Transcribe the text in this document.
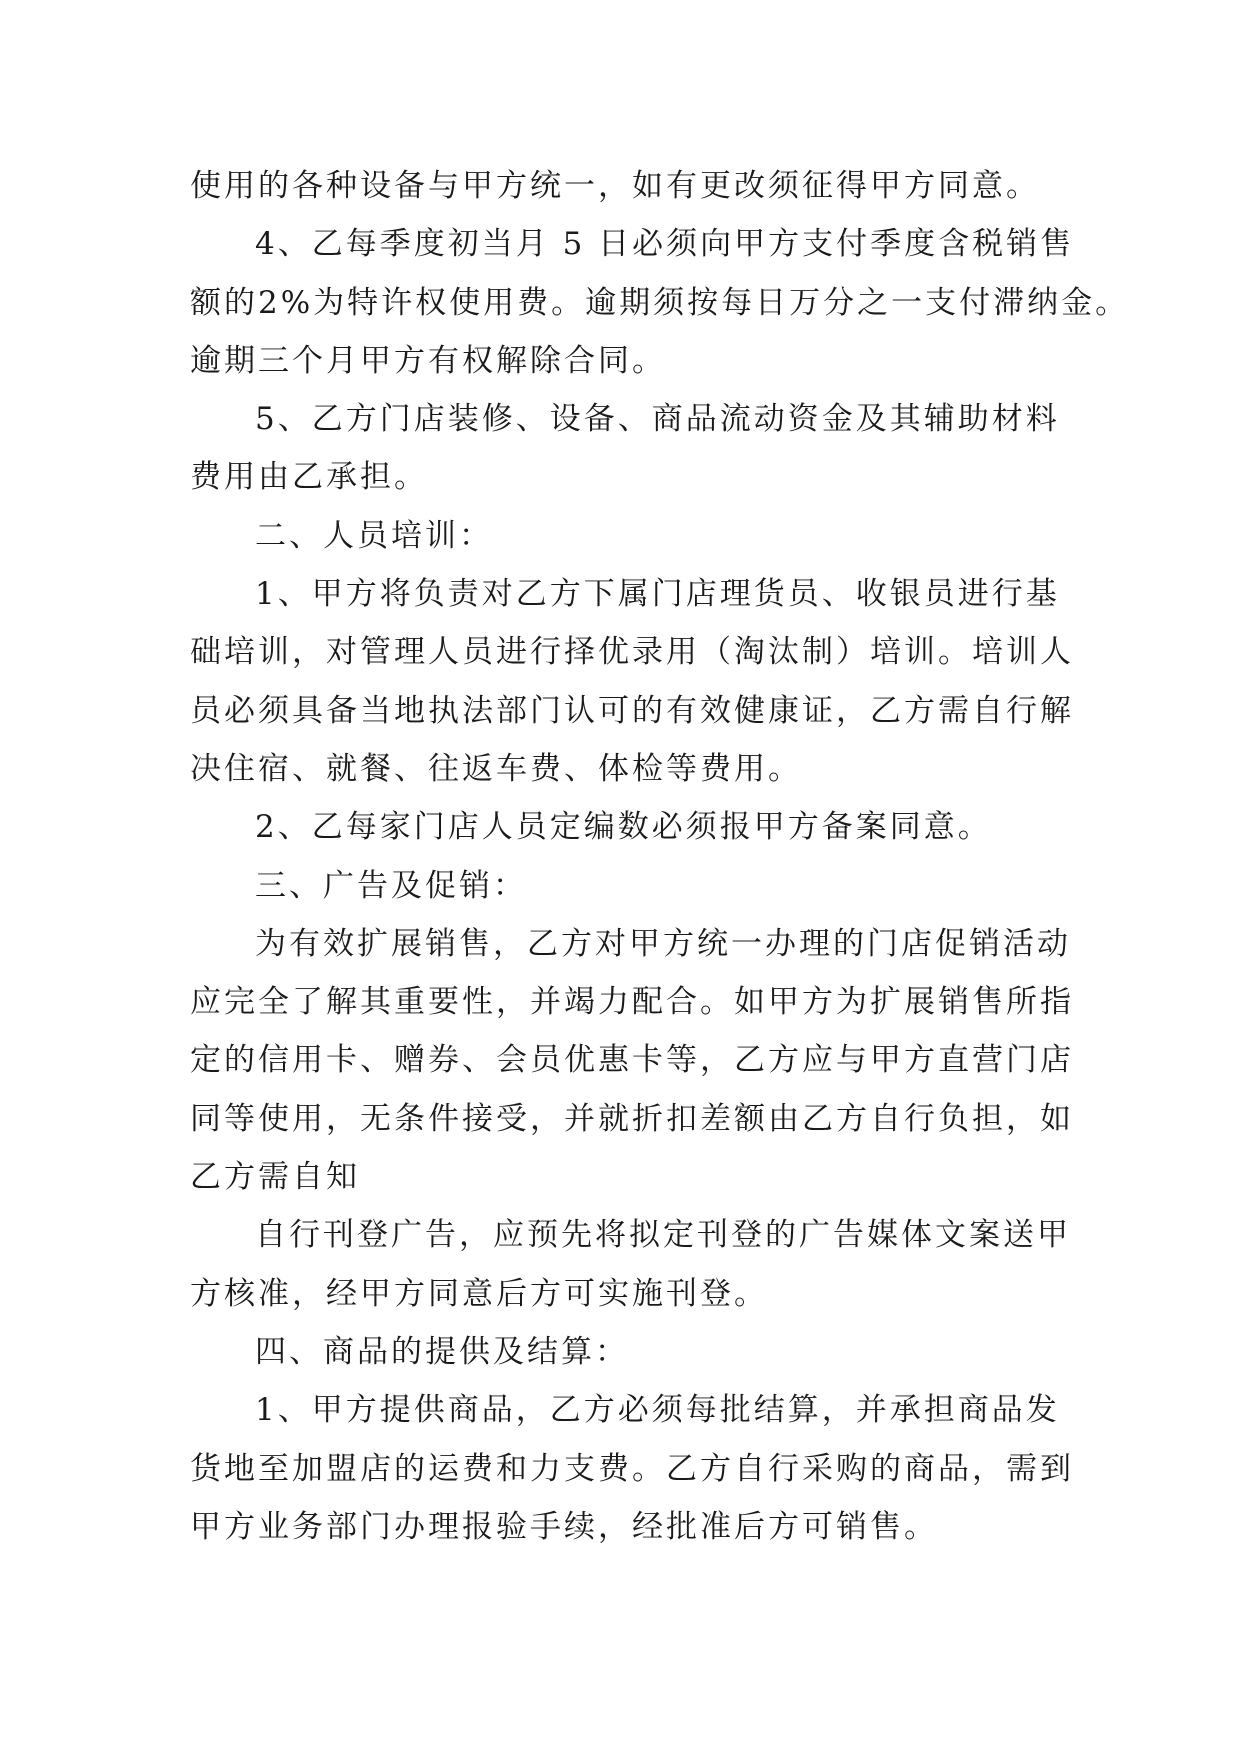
使用的各种设备与甲方统一，如有更改须征得甲方同意。
4、乙每季度初当月 5 日必须向甲方支付季度含税销售
额的2%为特许权使用费。逾期须按每日万分之一支付滞纳金。
逾期三个月甲方有权解除合同。
5、乙方门店装修、设备、商品流动资金及其辅助材料
费用由乙承担。
二、人员培训：
1、甲方将负责对乙方下属门店理货员、收银员进行基
础培训，对管理人员进行择优录用（淘汰制）培训。培训人
员必须具备当地执法部门认可的有效健康证，乙方需自行解
决住宿、就餐、往返车费、体检等费用。
2、乙每家门店人员定编数必须报甲方备案同意。
三、广告及促销：
为有效扩展销售，乙方对甲方统一办理的门店促销活动
应完全了解其重要性，并竭力配合。如甲方为扩展销售所指
定的信用卡、赠券、会员优惠卡等，乙方应与甲方直营门店
同等使用，无条件接受，并就折扣差额由乙方自行负担，如
乙方需自知
自行刊登广告，应预先将拟定刊登的广告媒体文案送甲
方核准，经甲方同意后方可实施刊登。
四、商品的提供及结算：
1、甲方提供商品，乙方必须每批结算，并承担商品发
货地至加盟店的运费和力支费。乙方自行采购的商品，需到
甲方业务部门办理报验手续，经批准后方可销售。
